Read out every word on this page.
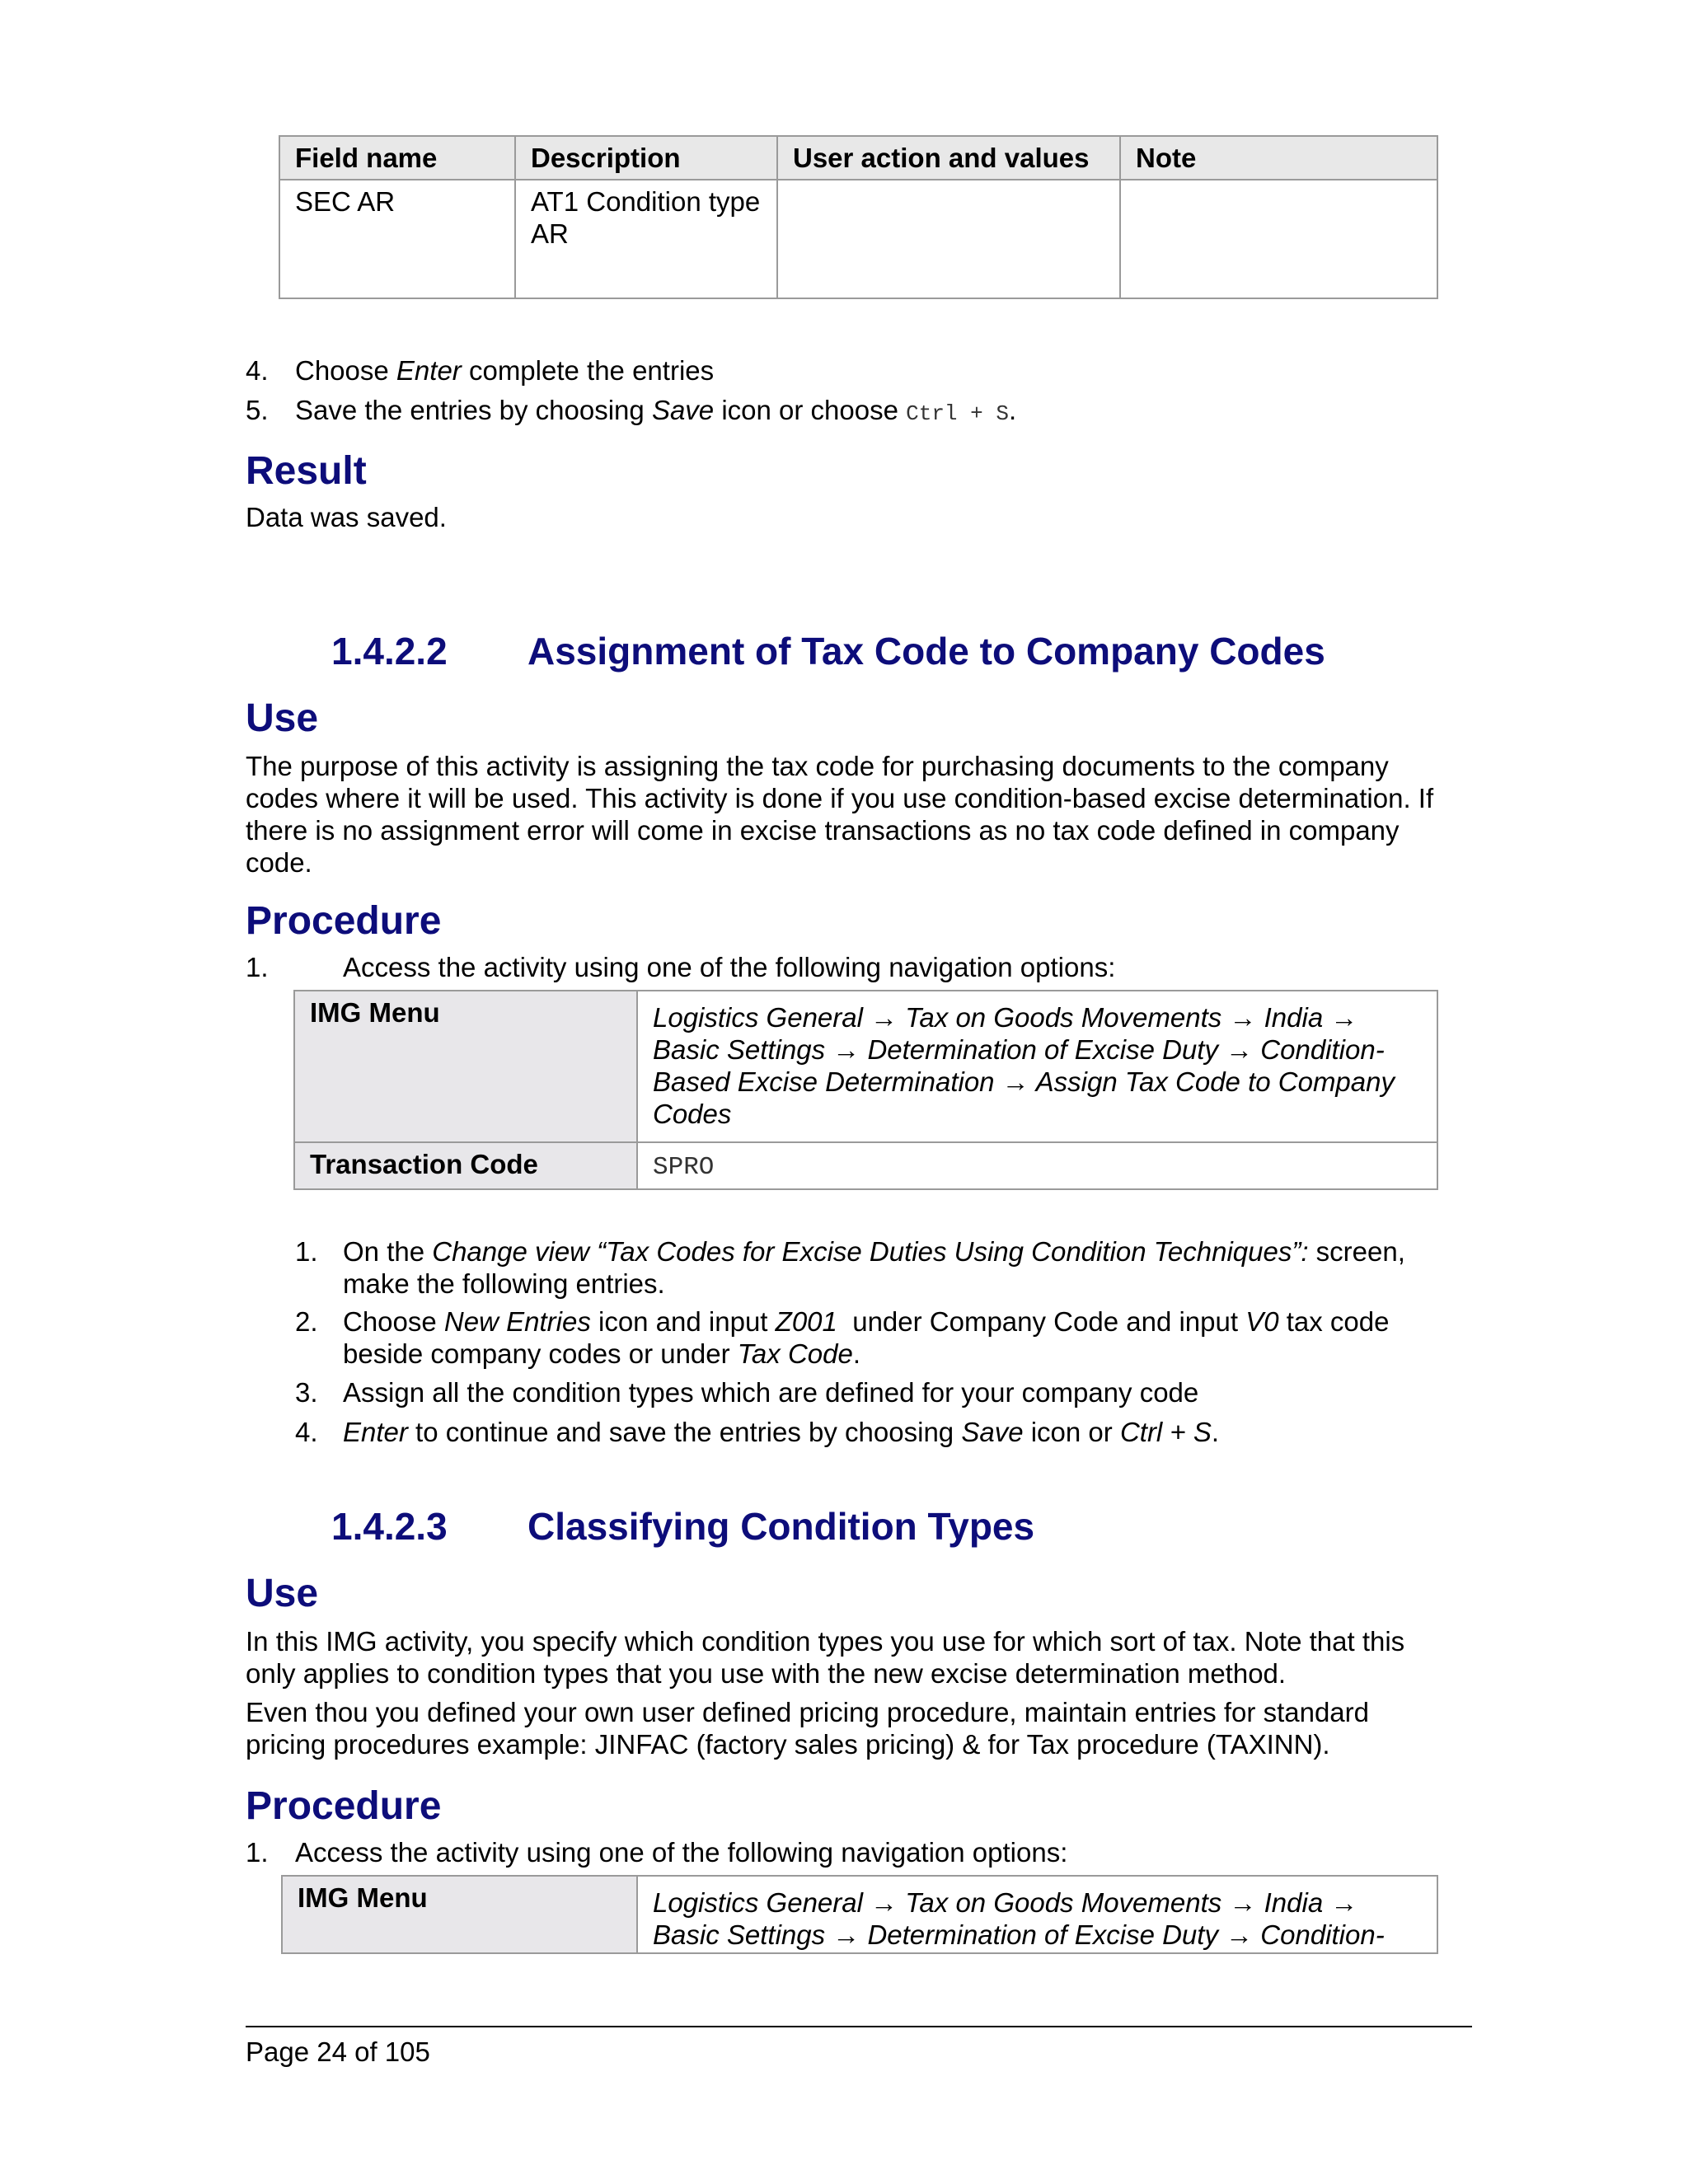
Field name	Description	User action and values	Note
SEC AR	AT1 Condition type AR		
4. Choose Enter complete the entries
5. Save the entries by choosing Save icon or choose Ctrl + S.
Result
Data was saved.
1.4.2.2 Assignment of Tax Code to Company Codes
Use
The purpose of this activity is assigning the tax code for purchasing documents to the company codes where it will be used. This activity is done if you use condition-based excise determination. If there is no assignment error will come in excise transactions as no tax code defined in company code.
Procedure
1.	Access the activity using one of the following navigation options:
IMG Menu	Logistics General → Tax on Goods Movements → India → Basic Settings → Determination of Excise Duty → Condition-Based Excise Determination → Assign Tax Code to Company Codes
Transaction Code	SPRO
1. On the Change view “Tax Codes for Excise Duties Using Condition Techniques”: screen, make the following entries.
2. Choose New Entries icon and input Z001  under Company Code and input V0 tax code beside company codes or under Tax Code.
3. Assign all the condition types which are defined for your company code
4. Enter to continue and save the entries by choosing Save icon or Ctrl + S.
1.4.2.3 Classifying Condition Types
Use
In this IMG activity, you specify which condition types you use for which sort of tax. Note that this only applies to condition types that you use with the new excise determination method.
Even thou you defined your own user defined pricing procedure, maintain entries for standard pricing procedures example: JINFAC (factory sales pricing) & for Tax procedure (TAXINN).
Procedure
1. Access the activity using one of the following navigation options:
IMG Menu	Logistics General → Tax on Goods Movements → India → Basic Settings → Determination of Excise Duty → Condition-
Page 24 of 105
